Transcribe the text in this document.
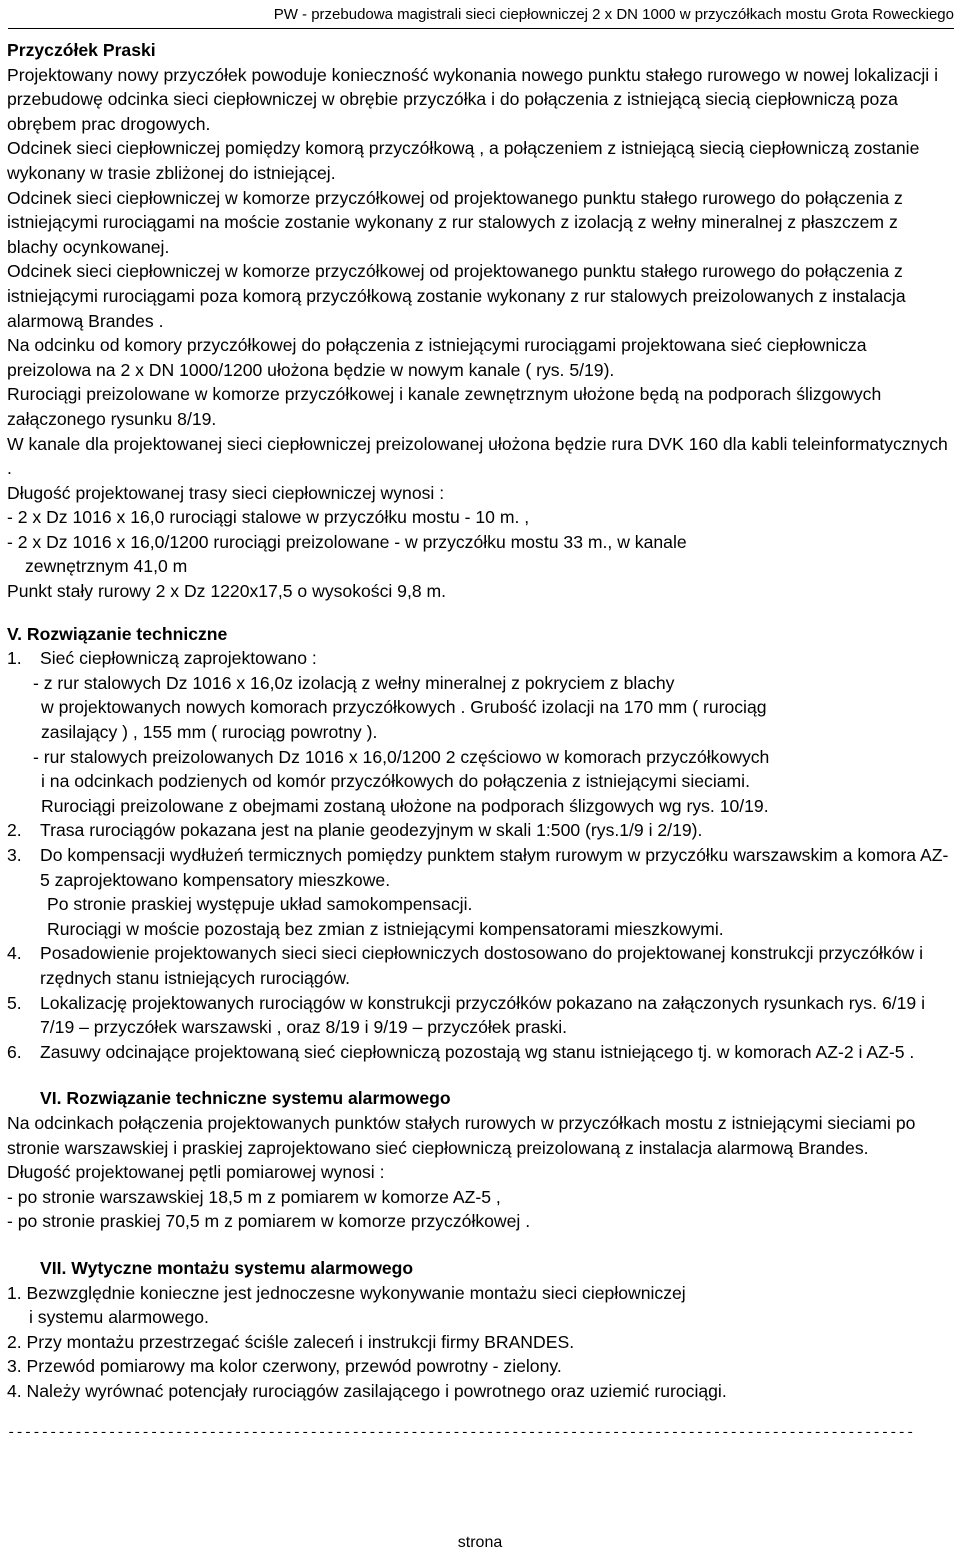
PW - przebudowa magistrali sieci ciepłowniczej 2 x DN 1000 w przyczółkach mostu Grota Roweckiego

Przyczółek Praski

Projektowany nowy przyczółek powoduje konieczność wykonania nowego punktu stałego rurowego w nowej lokalizacji i przebudowę odcinka sieci ciepłowniczej w obrębie przyczółka i do połączenia z istniejącą siecią ciepłowniczą poza obrębem prac drogowych.

Odcinek sieci ciepłowniczej pomiędzy komorą przyczółkową , a połączeniem z istniejącą siecią ciepłowniczą zostanie wykonany w trasie zbliżonej do istniejącej.

Odcinek sieci ciepłowniczej w komorze przyczółkowej od projektowanego punktu stałego rurowego do połączenia z istniejącymi rurociągami na moście zostanie wykonany z rur stalowych z izolacją z wełny mineralnej z płaszczem z blachy ocynkowanej.

Odcinek sieci ciepłowniczej w komorze przyczółkowej od projektowanego punktu stałego rurowego do połączenia z istniejącymi rurociągami poza komorą przyczółkową zostanie wykonany z rur stalowych preizolowanych z instalacja alarmową Brandes .

Na odcinku od komory przyczółkowej do połączenia z istniejącymi rurociągami projektowana sieć ciepłownicza preizolowa na 2 x DN 1000/1200 ułożona będzie w nowym kanale ( rys. 5/19).

Rurociągi preizolowane w komorze przyczółkowej i kanale zewnętrznym ułożone będą na podporach ślizgowych załączonego rysunku 8/19.

W kanale dla projektowanej sieci ciepłowniczej preizolowanej ułożona będzie rura DVK 160 dla kabli teleinformatycznych .

Długość projektowanej trasy sieci ciepłowniczej wynosi :

- 2 x Dz 1016 x 16,0 rurociągi stalowe w przyczółku mostu - 10 m. ,

- 2 x Dz 1016 x 16,0/1200 rurociągi preizolowane - w przyczółku mostu 33 m., w kanale

zewnętrznym 41,0 m

Punkt stały rurowy 2 x Dz 1220x17,5 o wysokości 9,8 m.

V. Rozwiązanie techniczne

1.	Sieć ciepłowniczą zaprojektowano :

- z rur stalowych Dz 1016 x 16,0z izolacją z wełny mineralnej z pokryciem z blachy

w projektowanych nowych komorach przyczółkowych . Grubość izolacji na 170 mm ( rurociąg

zasilający ) , 155 mm ( rurociąg powrotny ).

- rur stalowych preizolowanych Dz 1016 x 16,0/1200 2 częściowo w komorach przyczółkowych

i na odcinkach podzienych od komór przyczółkowych do połączenia z istniejącymi sieciami.

Rurociągi preizolowane z obejmami zostaną ułożone na podporach ślizgowych wg rys. 10/19.

2.	Trasa rurociągów pokazana jest na planie geodezyjnym w skali 1:500 (rys.1/9 i 2/19).
3.	Do kompensacji wydłużeń termicznych pomiędzy punktem stałym rurowym w przyczółku warszawskim a komora AZ-5 zaprojektowano kompensatory mieszkowe.

Po stronie praskiej występuje układ samokompensacji.

Rurociągi w moście pozostają bez zmian z istniejącymi kompensatorami mieszkowymi.

4.	Posadowienie projektowanych sieci sieci ciepłowniczych dostosowano do projektowanej konstrukcji przyczółków i rzędnych stanu istniejących rurociągów.
5.	Lokalizację projektowanych rurociągów w konstrukcji przyczółków pokazano na załączonych rysunkach rys. 6/19 i 7/19 – przyczółek warszawski , oraz 8/19 i 9/19 – przyczółek praski.
6.	Zasuwy odcinające projektowaną sieć ciepłowniczą pozostają wg stanu istniejącego tj. w komorach AZ-2 i AZ-5 .

VI. Rozwiązanie techniczne systemu alarmowego

Na odcinkach połączenia projektowanych punktów stałych rurowych w przyczółkach mostu z istniejącymi sieciami po stronie warszawskiej i praskiej zaprojektowano sieć ciepłowniczą preizolowaną z instalacja alarmową Brandes.

Długość projektowanej pętli pomiarowej wynosi :

- po stronie warszawskiej 18,5 m z pomiarem w komorze AZ-5 ,

- po stronie praskiej 70,5 m z pomiarem w komorze przyczółkowej .

VII. Wytyczne montażu systemu alarmowego

1. Bezwzględnie konieczne jest jednoczesne wykonywanie montażu sieci ciepłowniczej

i systemu alarmowego.

2. Przy montażu przestrzegać ściśle zaleceń i instrukcji firmy BRANDES.

3. Przewód pomiarowy ma kolor czerwony, przewód powrotny - zielony.

4. Należy wyrównać potencjały rurociągów zasilającego i powrotnego oraz uziemić rurociągi.

------------------------------------------------------------------------------------------------------------
strona
